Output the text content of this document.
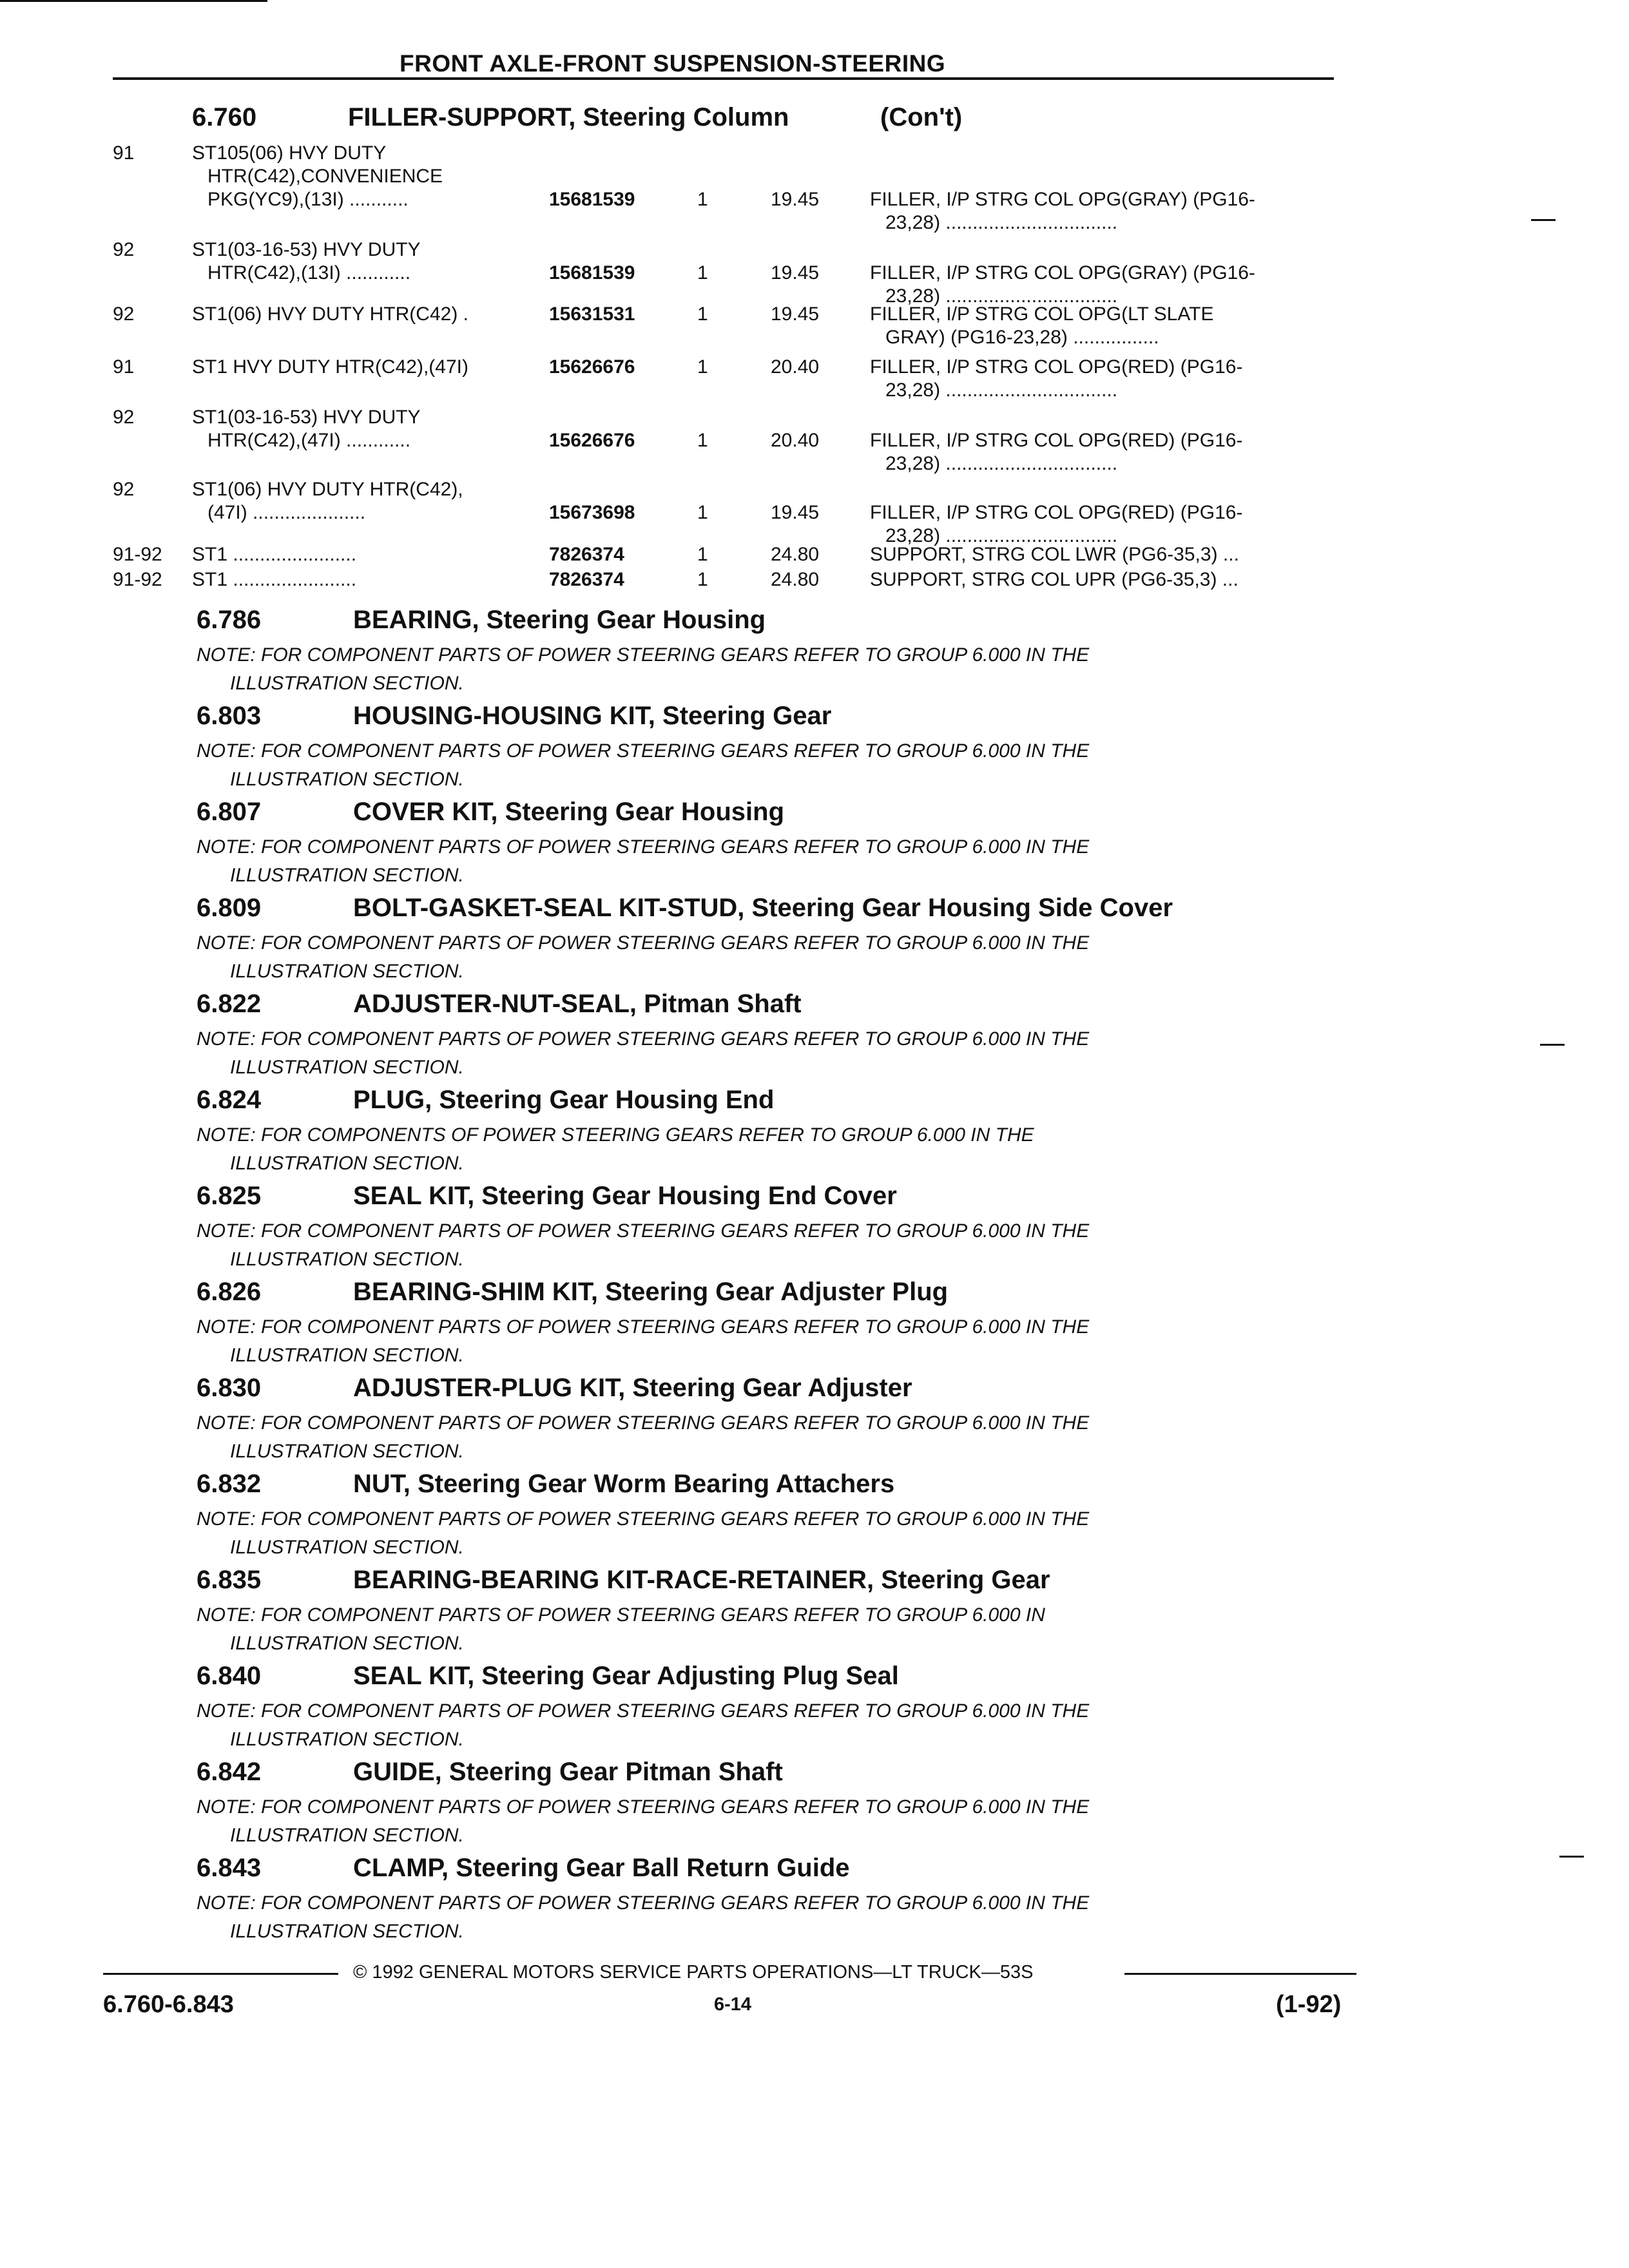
FRONT AXLE-FRONT SUSPENSION-STEERING
6.760	FILLER-SUPPORT, Steering Column	(Con't)
91	ST105(06) HVY DUTY
HTR(C42),CONVENIENCE
PKG(YC9),(13I) ...........	15681539	1	19.45	FILLER, I/P STRG COL OPG(GRAY) (PG16-
23,28) ................................
92	ST1(03-16-53) HVY DUTY
HTR(C42),(13I) ............	15681539	1	19.45	FILLER, I/P STRG COL OPG(GRAY) (PG16-
23,28) ................................
92	ST1(06) HVY DUTY HTR(C42) .	15631531	1	19.45	FILLER, I/P STRG COL OPG(LT SLATE
GRAY) (PG16-23,28) ................
91	ST1 HVY DUTY HTR(C42),(47I)	15626676	1	20.40	FILLER, I/P STRG COL OPG(RED) (PG16-
23,28) ................................
92	ST1(03-16-53) HVY DUTY
HTR(C42),(47I) ............	15626676	1	20.40	FILLER, I/P STRG COL OPG(RED) (PG16-
23,28) ................................
92	ST1(06) HVY DUTY HTR(C42),
(47I) .....................	15673698	1	19.45	FILLER, I/P STRG COL OPG(RED) (PG16-
23,28) ................................
91-92 ST1 .......................	7826374	1	24.80	SUPPORT, STRG COL LWR (PG6-35,3) ...
91-92 ST1 .......................	7826374	1	24.80	SUPPORT, STRG COL UPR (PG6-35,3) ...
6.786	BEARING, Steering Gear Housing
NOTE: FOR COMPONENT PARTS OF POWER STEERING GEARS REFER TO GROUP 6.000 IN THE

ILLUSTRATION SECTION.
6.803	HOUSING-HOUSING KIT, Steering Gear
NOTE: FOR COMPONENT PARTS OF POWER STEERING GEARS REFER TO GROUP 6.000 IN THE

ILLUSTRATION SECTION.
6.807	COVER KIT, Steering Gear Housing
NOTE: FOR COMPONENT PARTS OF POWER STEERING GEARS REFER TO GROUP 6.000 IN THE

ILLUSTRATION SECTION.
6.809	BOLT-GASKET-SEAL KIT-STUD, Steering Gear Housing Side Cover
NOTE: FOR COMPONENT PARTS OF POWER STEERING GEARS REFER TO GROUP 6.000 IN THE

ILLUSTRATION SECTION.
6.822	ADJUSTER-NUT-SEAL, Pitman Shaft
NOTE: FOR COMPONENT PARTS OF POWER STEERING GEARS REFER TO GROUP 6.000 IN THE

ILLUSTRATION SECTION.
6.824	PLUG, Steering Gear Housing End
NOTE: FOR COMPONENTS OF POWER STEERING GEARS REFER TO GROUP 6.000 IN THE

ILLUSTRATION SECTION.
6.825	SEAL KIT, Steering Gear Housing End Cover
NOTE: FOR COMPONENT PARTS OF POWER STEERING GEARS REFER TO GROUP 6.000 IN THE

ILLUSTRATION SECTION.
6.826	BEARING-SHIM KIT, Steering Gear Adjuster Plug
NOTE: FOR COMPONENT PARTS OF POWER STEERING GEARS REFER TO GROUP 6.000 IN THE

ILLUSTRATION SECTION.
6.830	ADJUSTER-PLUG KIT, Steering Gear Adjuster
NOTE: FOR COMPONENT PARTS OF POWER STEERING GEARS REFER TO GROUP 6.000 IN THE

ILLUSTRATION SECTION.
6.832	NUT, Steering Gear Worm Bearing Attachers
NOTE: FOR COMPONENT PARTS OF POWER STEERING GEARS REFER TO GROUP 6.000 IN THE

ILLUSTRATION SECTION.
6.835	BEARING-BEARING KIT-RACE-RETAINER, Steering Gear
NOTE: FOR COMPONENT PARTS OF POWER STEERING GEARS REFER TO GROUP 6.000 IN

ILLUSTRATION SECTION.
6.840	SEAL KIT, Steering Gear Adjusting Plug Seal
NOTE: FOR COMPONENT PARTS OF POWER STEERING GEARS REFER TO GROUP 6.000 IN THE

ILLUSTRATION SECTION.
6.842	GUIDE, Steering Gear Pitman Shaft
NOTE: FOR COMPONENT PARTS OF POWER STEERING GEARS REFER TO GROUP 6.000 IN THE

ILLUSTRATION SECTION.
6.843	CLAMP, Steering Gear Ball Return Guide
NOTE: FOR COMPONENT PARTS OF POWER STEERING GEARS REFER TO GROUP 6.000 IN THE

ILLUSTRATION SECTION.
© 1992 GENERAL MOTORS SERVICE PARTS OPERATIONS—LT TRUCK—53S
6.760-6.843	6-14	(1-92)
